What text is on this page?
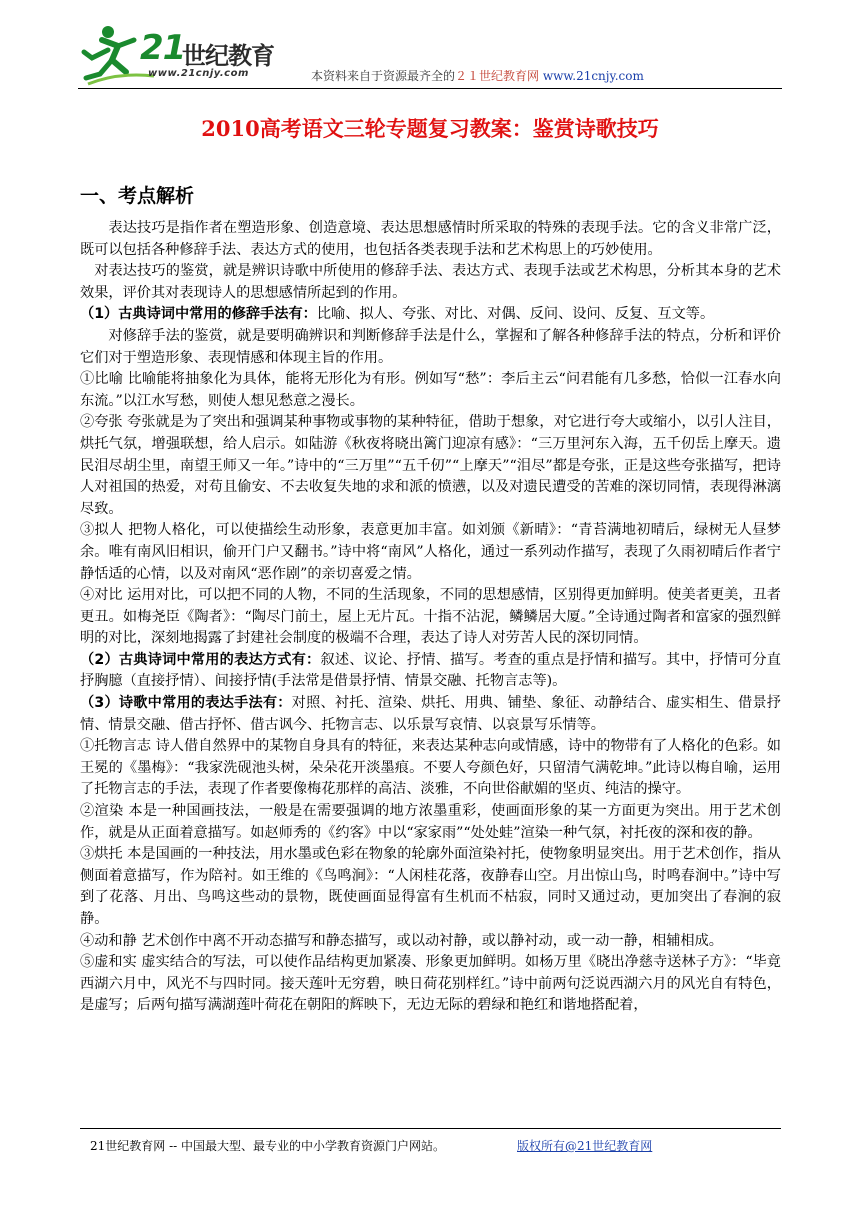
21
世纪教育
www.21cnjy.com	本资料来自于资源最齐全的２１世纪教育网 www.21cnjy.com
2010高考语文三轮专题复习教案：鉴赏诗歌技巧
一、考点解析

表达技巧是指作者在塑造形象、创造意境、表达思想感情时所采取的特殊的表现手法。它的含义非常广泛，既可以包括各种修辞手法、表达方式的使用，也包括各类表现手法和艺术构思上的巧妙使用。

对表达技巧的鉴赏，就是辨识诗歌中所使用的修辞手法、表达方式、表现手法或艺术构思，分析其本身的艺术效果，评价其对表现诗人的思想感情所起到的作用。

（1）古典诗词中常用的修辞手法有：比喻、拟人、夸张、对比、对偶、反问、设问、反复、互文等。

对修辞手法的鉴赏，就是要明确辨识和判断修辞手法是什么，掌握和了解各种修辞手法的特点，分析和评价它们对于塑造形象、表现情感和体现主旨的作用。

①比喻 比喻能将抽象化为具体，能将无形化为有形。例如写“愁”：李后主云“问君能有几多愁，恰似一江春水向东流。”以江水写愁，则使人想见愁意之漫长。

②夸张 夸张就是为了突出和强调某种事物或事物的某种特征，借助于想象，对它进行夸大或缩小，以引人注目，烘托气氛，增强联想，给人启示。如陆游《秋夜将晓出篱门迎凉有感》：“三万里河东入海，五千仞岳上摩天。遗民泪尽胡尘里，南望王师又一年。”诗中的“三万里”“五千仞”“上摩天”“泪尽”都是夸张，正是这些夸张描写，把诗人对祖国的热爱，对苟且偷安、不去收复失地的求和派的愤懑，以及对遗民遭受的苦难的深切同情，表现得淋漓尽致。

③拟人 把物人格化，可以使描绘生动形象，表意更加丰富。如刘颁《新晴》：“青苔满地初晴后，绿树无人昼梦余。唯有南风旧相识，偷开门户又翻书。”诗中将“南风”人格化，通过一系列动作描写，表现了久雨初晴后作者宁静恬适的心情，以及对南风“恶作剧”的亲切喜爱之情。

④对比 运用对比，可以把不同的人物，不同的生活现象，不同的思想感情，区别得更加鲜明。使美者更美，丑者更丑。如梅尧臣《陶者》：“陶尽门前土，屋上无片瓦。十指不沾泥，鳞鳞居大厦。”全诗通过陶者和富家的强烈鲜明的对比，深刻地揭露了封建社会制度的极端不合理，表达了诗人对劳苦人民的深切同情。

（2）古典诗词中常用的表达方式有：叙述、议论、抒情、描写。考查的重点是抒情和描写。其中，抒情可分直抒胸臆（直接抒情）、间接抒情(手法常是借景抒情、情景交融、托物言志等)。

（3）诗歌中常用的表达手法有：对照、衬托、渲染、烘托、用典、铺垫、象征、动静结合、虚实相生、借景抒情、情景交融、借古抒怀、借古讽今、托物言志、以乐景写哀情、以哀景写乐情等。

①托物言志 诗人借自然界中的某物自身具有的特征，来表达某种志向或情感，诗中的物带有了人格化的色彩。如王冕的《墨梅》：“我家洗砚池头树，朵朵花开淡墨痕。不要人夸颜色好，只留清气满乾坤。”此诗以梅自喻，运用了托物言志的手法，表现了作者要像梅花那样的高洁、淡雅，不向世俗献媚的坚贞、纯洁的操守。

②渲染 本是一种国画技法，一般是在需要强调的地方浓墨重彩，使画面形象的某一方面更为突出。用于艺术创作，就是从正面着意描写。如赵师秀的《约客》中以“家家雨”“处处蛙”渲染一种气氛，衬托夜的深和夜的静。

③烘托 本是国画的一种技法，用水墨或色彩在物象的轮廓外面渲染衬托，使物象明显突出。用于艺术创作，指从侧面着意描写，作为陪衬。如王维的《鸟鸣涧》：“人闲桂花落，夜静春山空。月出惊山鸟，时鸣春涧中。”诗中写到了花落、月出、鸟鸣这些动的景物，既使画面显得富有生机而不枯寂，同时又通过动，更加突出了春涧的寂静。

④动和静 艺术创作中离不开动态描写和静态描写，或以动衬静，或以静衬动，或一动一静，相辅相成。

⑤虚和实 虚实结合的写法，可以使作品结构更加紧凑、形象更加鲜明。如杨万里《晓出净慈寺送林子方》：“毕竟西湖六月中，风光不与四时同。接天莲叶无穷碧，映日荷花别样红。”诗中前两句泛说西湖六月的风光自有特色，是虚写；后两句描写满湖莲叶荷花在朝阳的辉映下，无边无际的碧绿和艳红和谐地搭配着，

21世纪教育网 -- 中国最大型、最专业的中小学教育资源门户网站。	版权所有@21世纪教育网
